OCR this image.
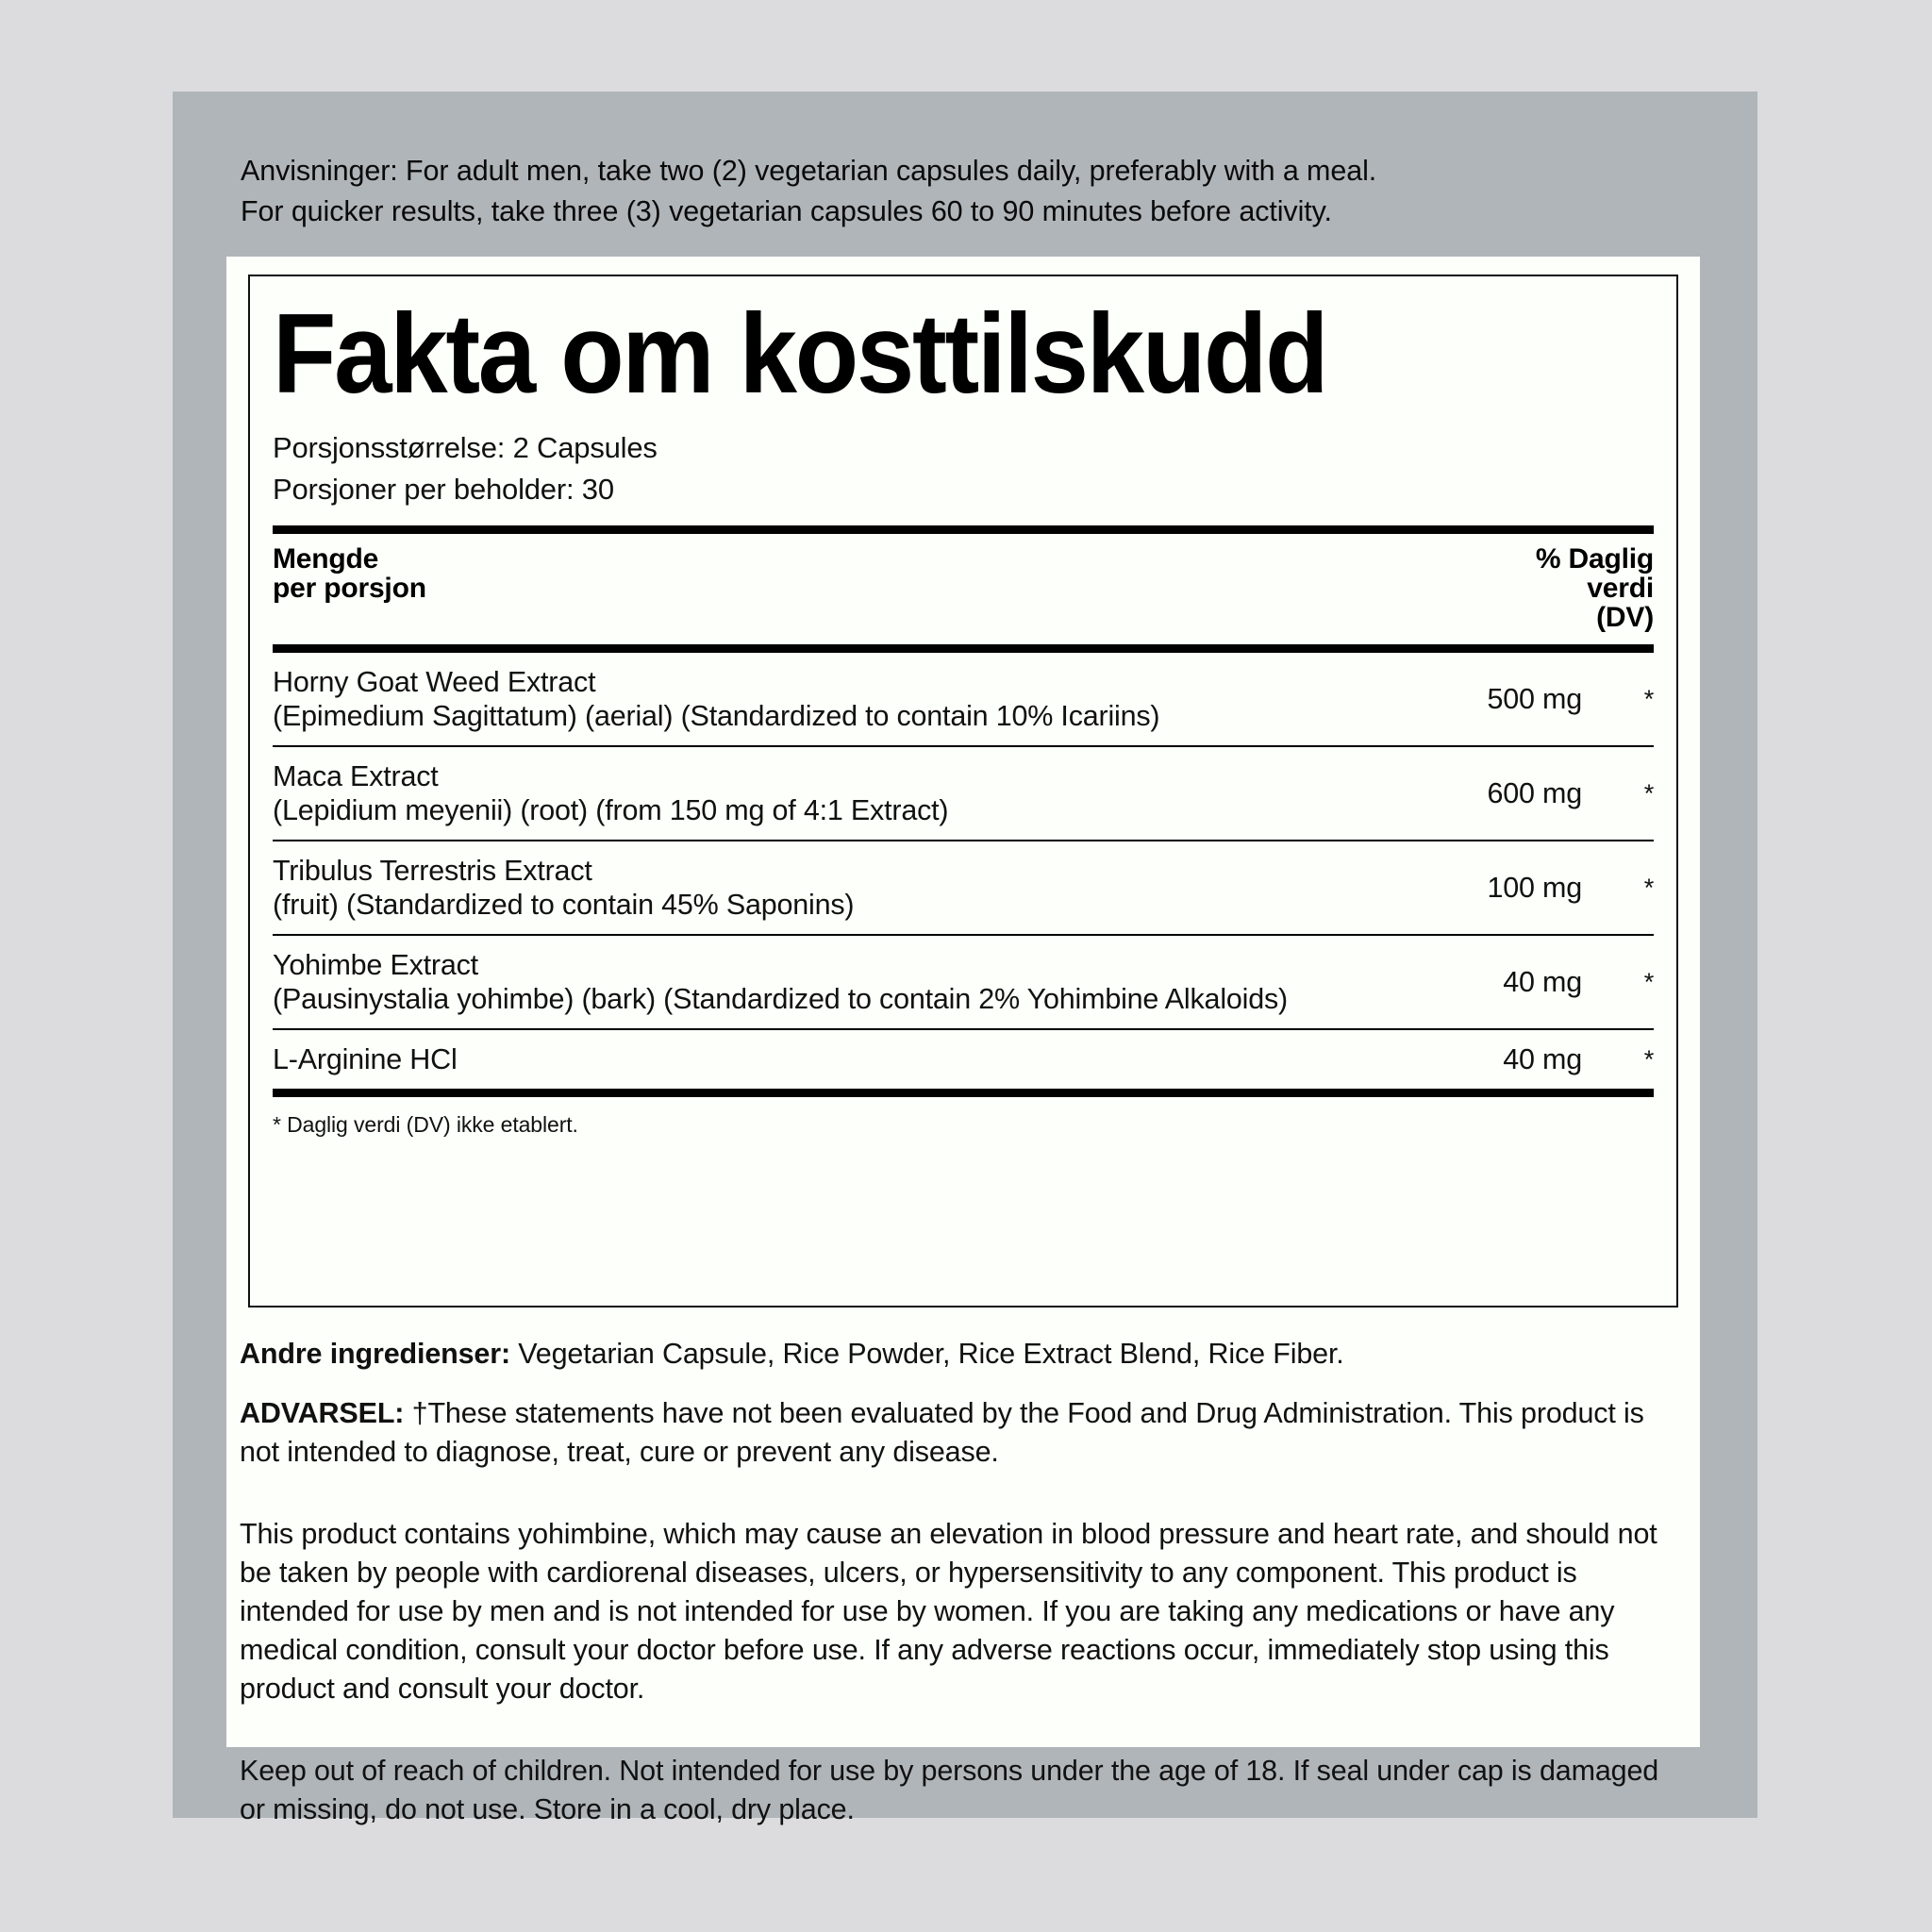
Anvisninger: For adult men, take two (2) vegetarian capsules daily, preferably with a meal.
For quicker results, take three (3) vegetarian capsules 60 to 90 minutes before activity.
Fakta om kosttilskudd
Porsjonsstørrelse: 2 Capsules
Porsjoner per beholder: 30
Mengde
per porsjon

% Daglig
verdi
(DV)
Horny Goat Weed Extract
(Epimedium Sagittatum) (aerial) (Standardized to contain 10% Icariins)
	500 mg	*
Maca Extract
(Lepidium meyenii) (root) (from 150 mg of 4:1 Extract)
	600 mg	*
Tribulus Terrestris Extract
(fruit) (Standardized to contain 45% Saponins)
	100 mg	*
Yohimbe Extract
(Pausinystalia yohimbe) (bark) (Standardized to contain 2% Yohimbine Alkaloids)
	40 mg	*
L-Arginine HCl	40 mg	*
* Daglig verdi (DV) ikke etablert.

Andre ingredienser: Vegetarian Capsule, Rice Powder, Rice Extract Blend, Rice Fiber.

ADVARSEL: †These statements have not been evaluated by the Food and Drug Administration. This product is not intended to diagnose, treat, cure or prevent any disease.

This product contains yohimbine, which may cause an elevation in blood pressure and heart rate, and should not be taken by people with cardiorenal diseases, ulcers, or hypersensitivity to any component. This product is intended for use by men and is not intended for use by women. If you are taking any medications or have any medical condition, consult your doctor before use. If any adverse reactions occur, immediately stop using this product and consult your doctor.

Keep out of reach of children. Not intended for use by persons under the age of 18. If seal under cap is damaged or missing, do not use. Store in a cool, dry place.
